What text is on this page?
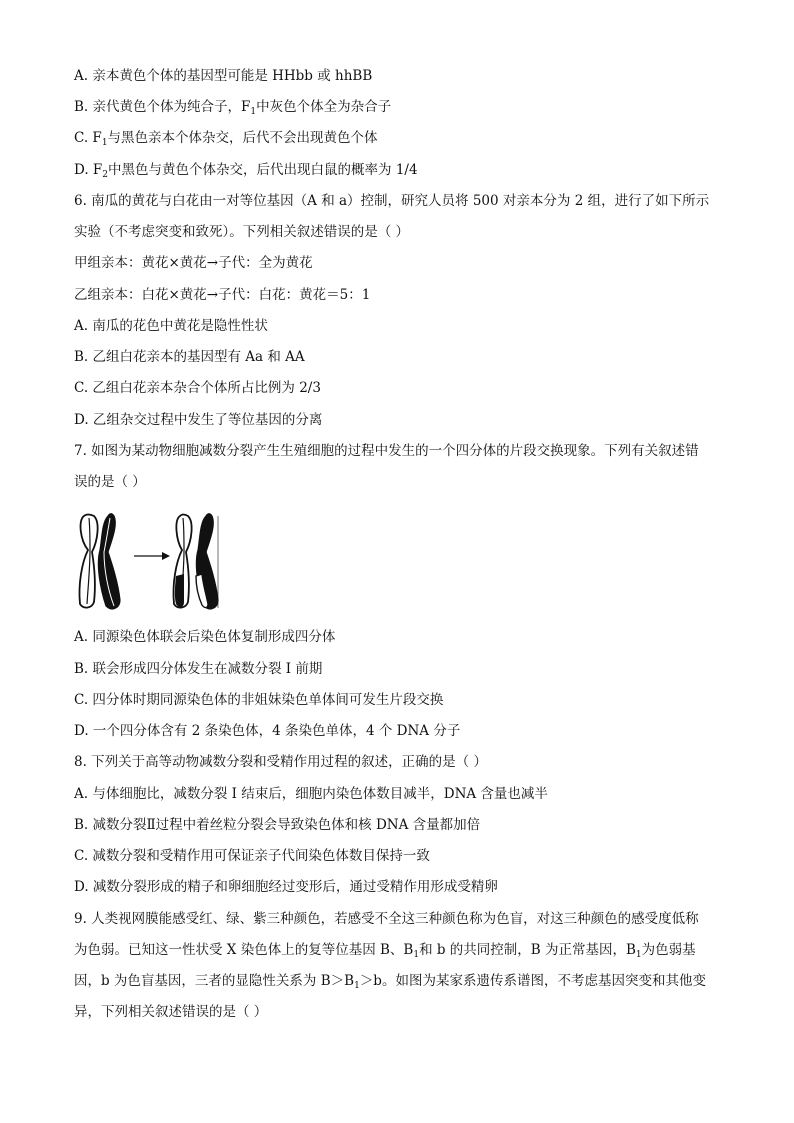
A. 亲本黄色个体的基因型可能是 HHbb 或 hhBB
B. 亲代黄色个体为纯合子，$F_1$中灰色个体全为杂合子
C. $F_1$与黑色亲本个体杂交，后代不会出现黄色个体
D. $F_2$中黑色与黄色个体杂交，后代出现白鼠的概率为 1/4
6. 南瓜的黄花与白花由一对等位基因（A 和 a）控制，研究人员将 500 对亲本分为 2 组，进行了如下所示
实验（不考虑突变和致死）。下列相关叙述错误的是（ ）
甲组亲本：黄花×黄花→子代：全为黄花
乙组亲本：白花×黄花→子代：白花：黄花＝5：1
A. 南瓜的花色中黄花是隐性性状
B. 乙组白花亲本的基因型有 Aa 和 AA
C. 乙组白花亲本杂合个体所占比例为 2/3
D. 乙组杂交过程中发生了等位基因的分离
7. 如图为某动物细胞减数分裂产生生殖细胞的过程中发生的一个四分体的片段交换现象。下列有关叙述错
误的是（ ）
A. 同源染色体联会后染色体复制形成四分体
B. 联会形成四分体发生在减数分裂 I 前期
C. 四分体时期同源染色体的非姐妹染色单体间可发生片段交换
D. 一个四分体含有 2 条染色体，4 条染色单体，4 个 DNA 分子
8. 下列关于高等动物减数分裂和受精作用过程的叙述，正确的是（ ）
A. 与体细胞比，减数分裂 I 结束后，细胞内染色体数目减半，DNA 含量也减半
B. 减数分裂Ⅱ过程中着丝粒分裂会导致染色体和核 DNA 含量都加倍
C. 减数分裂和受精作用可保证亲子代间染色体数目保持一致
D. 减数分裂形成的精子和卵细胞经过变形后，通过受精作用形成受精卵
9. 人类视网膜能感受红、绿、紫三种颜色，若感受不全这三种颜色称为色盲，对这三种颜色的感受度低称
为色弱。已知这一性状受 X 染色体上的复等位基因 B、$B_1$和 b 的共同控制，B 为正常基因，$B_1$为色弱基
因，b 为色盲基因，三者的显隐性关系为 $B>B_1>b$。如图为某家系遗传系谱图，不考虑基因突变和其他变
异，下列相关叙述错误的是（ ）
